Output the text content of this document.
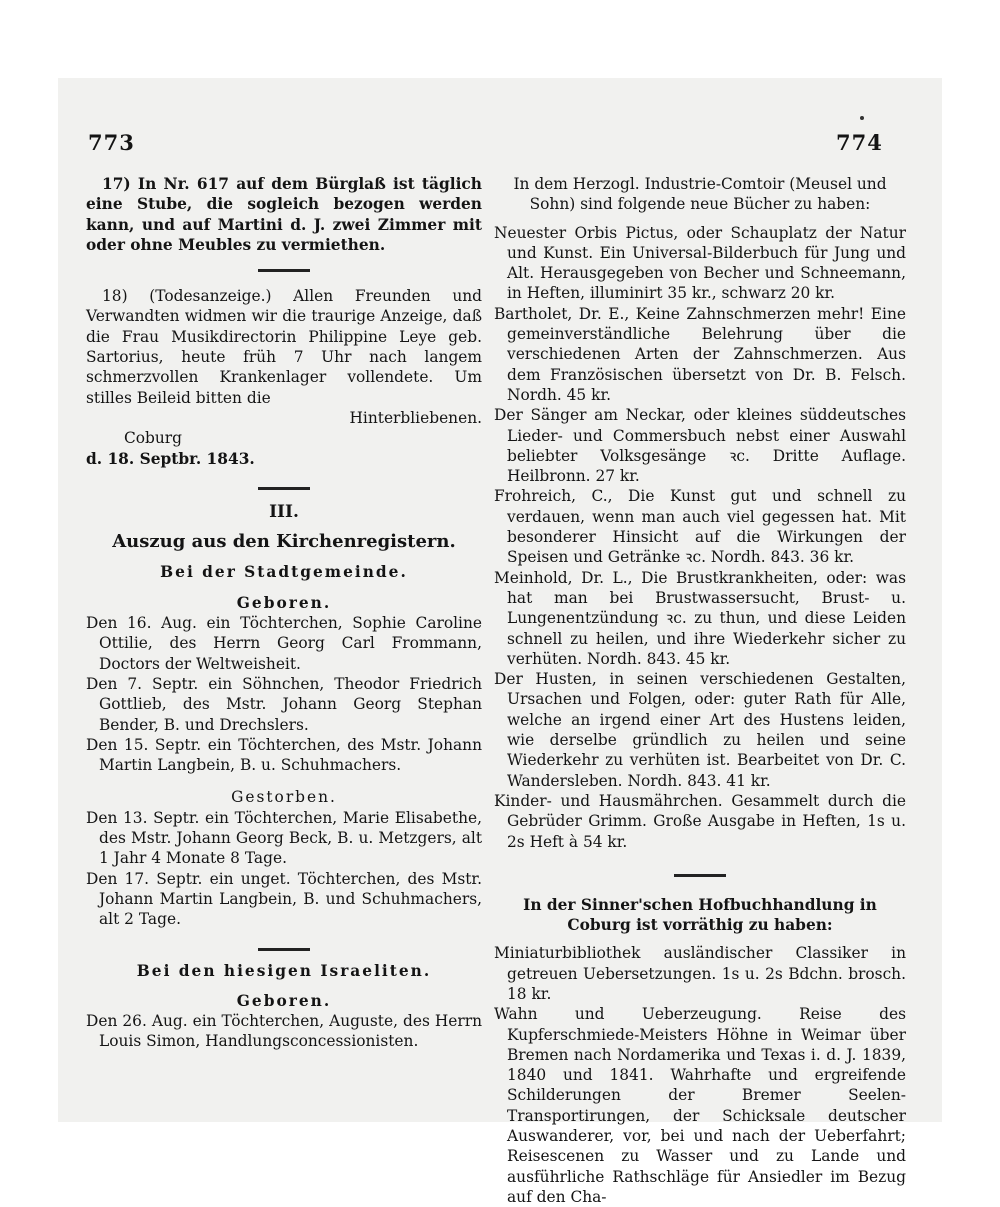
773	774

17) In Nr. 617 auf dem Bürglaß ist täglich eine Stube, die sogleich bezogen werden kann, und auf Martini d. J. zwei Zimmer mit oder ohne Meubles zu vermiethen.

18) (Todesanzeige.) Allen Freunden und Verwandten widmen wir die traurige Anzeige, daß die Frau Musikdirectorin Philippine Leye geb. Sartorius, heute früh 7 Uhr nach langem schmerzvollen Krankenlager vollendete. Um stilles Beileid bitten die

Hinterbliebenen.

Coburg

d. 18. Septbr. 1843.

III.
Auszug aus den Kirchenregistern.
Bei der Stadtgemeinde.
Geboren.

Den 16. Aug. ein Töchterchen, Sophie Caroline Ottilie, des Herrn Georg Carl Frommann, Doctors der Weltweisheit.

Den 7. Septr. ein Söhnchen, Theodor Friedrich Gottlieb, des Mstr. Johann Georg Stephan Bender, B. und Drechslers.

Den 15. Septr. ein Töchterchen, des Mstr. Johann Martin Langbein, B. u. Schuhmachers.

Gestorben.

Den 13. Septr. ein Töchterchen, Marie Elisabethe, des Mstr. Johann Georg Beck, B. u. Metzgers, alt 1 Jahr 4 Monate 8 Tage.

Den 17. Septr. ein unget. Töchterchen, des Mstr. Johann Martin Langbein, B. und Schuhmachers, alt 2 Tage.

Bei den hiesigen Israeliten.
Geboren.

Den 26. Aug. ein Töchterchen, Auguste, des Herrn Louis Simon, Handlungsconcessionisten.

In dem Herzogl. Industrie-Comtoir (Meusel und Sohn) sind folgende neue Bücher zu haben:

Neuester Orbis Pictus, oder Schauplatz der Natur und Kunst. Ein Universal-Bilderbuch für Jung und Alt. Herausgegeben von Becher und Schneemann, in Heften, illuminirt 35 kr., schwarz 20 kr.

Bartholet, Dr. E., Keine Zahnschmerzen mehr! Eine gemeinverständliche Belehrung über die verschiedenen Arten der Zahnschmerzen. Aus dem Französischen übersetzt von Dr. B. Felsch. Nordh. 45 kr.

Der Sänger am Neckar, oder kleines süddeutsches Lieder- und Commersbuch nebst einer Auswahl beliebter Volksgesänge ꝛc. Dritte Auflage. Heilbronn. 27 kr.

Frohreich, C., Die Kunst gut und schnell zu verdauen, wenn man auch viel gegessen hat. Mit besonderer Hinsicht auf die Wirkungen der Speisen und Getränke ꝛc. Nordh. 843. 36 kr.

Meinhold, Dr. L., Die Brustkrankheiten, oder: was hat man bei Brustwassersucht, Brust- u. Lungenentzündung ꝛc. zu thun, und diese Leiden schnell zu heilen, und ihre Wiederkehr sicher zu verhüten. Nordh. 843. 45 kr.

Der Husten, in seinen verschiedenen Gestalten, Ursachen und Folgen, oder: guter Rath für Alle, welche an irgend einer Art des Hustens leiden, wie derselbe gründlich zu heilen und seine Wiederkehr zu verhüten ist. Bearbeitet von Dr. C. Wandersleben. Nordh. 843. 41 kr.

Kinder- und Hausmährchen. Gesammelt durch die Gebrüder Grimm. Große Ausgabe in Heften, 1s u. 2s Heft à 54 kr.

In der Sinner'schen Hofbuchhandlung in Coburg ist vorräthig zu haben:

Miniaturbibliothek ausländischer Classiker in getreuen Uebersetzungen. 1s u. 2s Bdchn. brosch. 18 kr.

Wahn und Ueberzeugung. Reise des Kupferschmiede-Meisters Höhne in Weimar über Bremen nach Nordamerika und Texas i. d. J. 1839, 1840 und 1841. Wahrhafte und ergreifende Schilderungen der Bremer Seelen-Transportirungen, der Schicksale deutscher Auswanderer, vor, bei und nach der Ueberfahrt; Reisescenen zu Wasser und zu Lande und ausführliche Rathschläge für Ansiedler im Bezug auf den Cha-
